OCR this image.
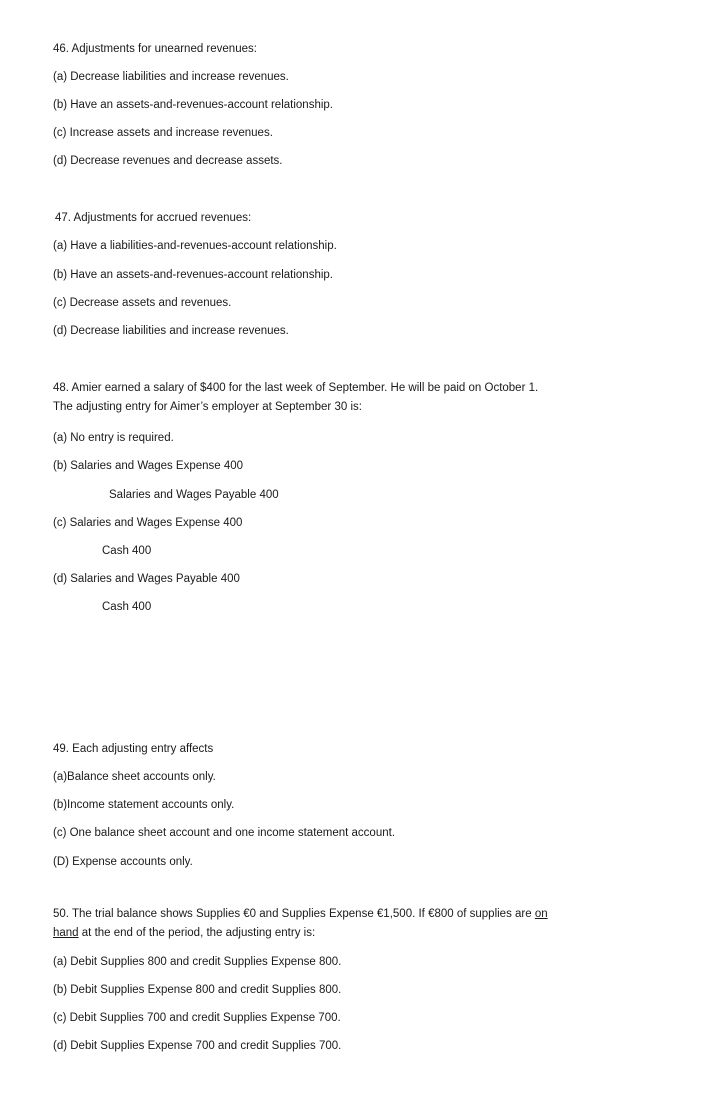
46. Adjustments for unearned revenues:
(a) Decrease liabilities and increase revenues.
(b) Have an assets-and-revenues-account relationship.
(c) Increase assets and increase revenues.
(d) Decrease revenues and decrease assets.
47. Adjustments for accrued revenues:
(a) Have a liabilities-and-revenues-account relationship.
(b) Have an assets-and-revenues-account relationship.
(c) Decrease assets and revenues.
(d) Decrease liabilities and increase revenues.
48. Amier earned a salary of $400 for the last week of September. He will be paid on October 1.
The adjusting entry for Aimer’s employer at September 30 is:
(a) No entry is required.
(b) Salaries and Wages Expense 400
Salaries and Wages Payable 400
(c) Salaries and Wages Expense 400
Cash 400
(d) Salaries and Wages Payable 400
Cash 400
49. Each adjusting entry affects
(a)Balance sheet accounts only.
(b)Income statement accounts only.
(c) One balance sheet account and one income statement account.
(D) Expense accounts only.
50. The trial balance shows Supplies €0 and Supplies Expense €1,500. If €800 of supplies are on
hand at the end of the period, the adjusting entry is:
(a) Debit Supplies 800 and credit Supplies Expense 800.
(b) Debit Supplies Expense 800 and credit Supplies 800.
(c) Debit Supplies 700 and credit Supplies Expense 700.
(d) Debit Supplies Expense 700 and credit Supplies 700.
